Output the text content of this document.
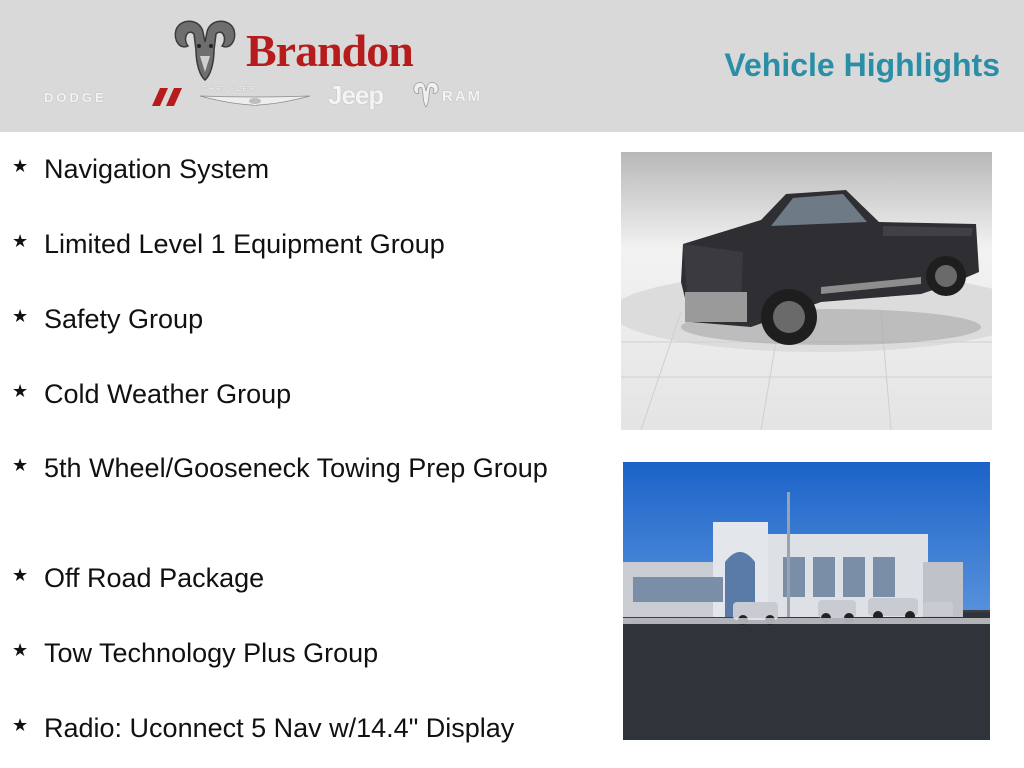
Brandon
DODGE
CHRYSLER	Jeep	RAM
Vehicle Highlights
★ Navigation System
★ Limited Level 1 Equipment Group
★ Safety Group
★ Cold Weather Group
★ 5th Wheel/Gooseneck Towing Prep Group
★ Off Road Package
★ Tow Technology Plus Group
★ Radio: Uconnect 5 Nav w/14.4" Display
